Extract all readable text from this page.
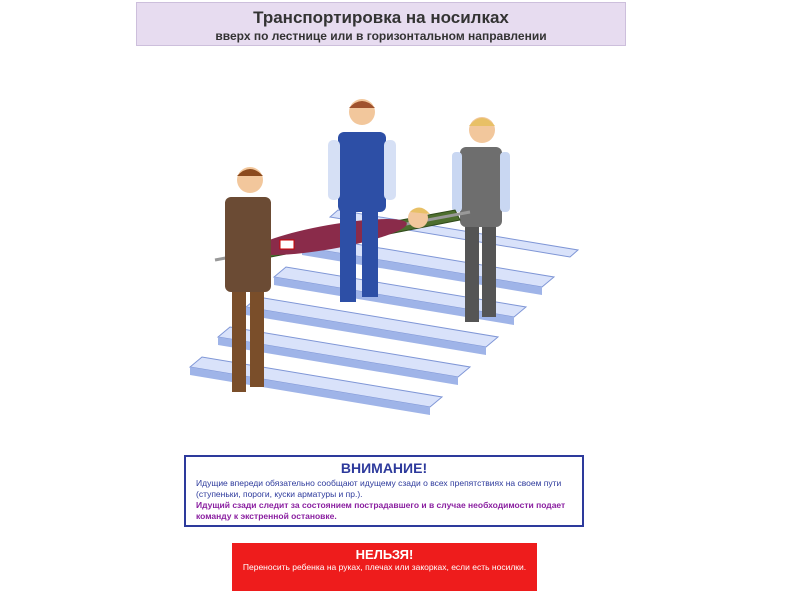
Транспортировка на носилках
вверх по лестнице или в горизонтальном направлении
ВНИМАНИЕ!
Идущие впереди обязательно сообщают идущему сзади о всех препятствиях на своем пути (ступеньки, пороги, куски арматуры и пр.).
Идущий сзади следит за состоянием пострадавшего и в случае необходимости подает команду к экстренной остановке.
НЕЛЬЗЯ!
Переносить ребенка на руках, плечах или закорках, если есть носилки.
